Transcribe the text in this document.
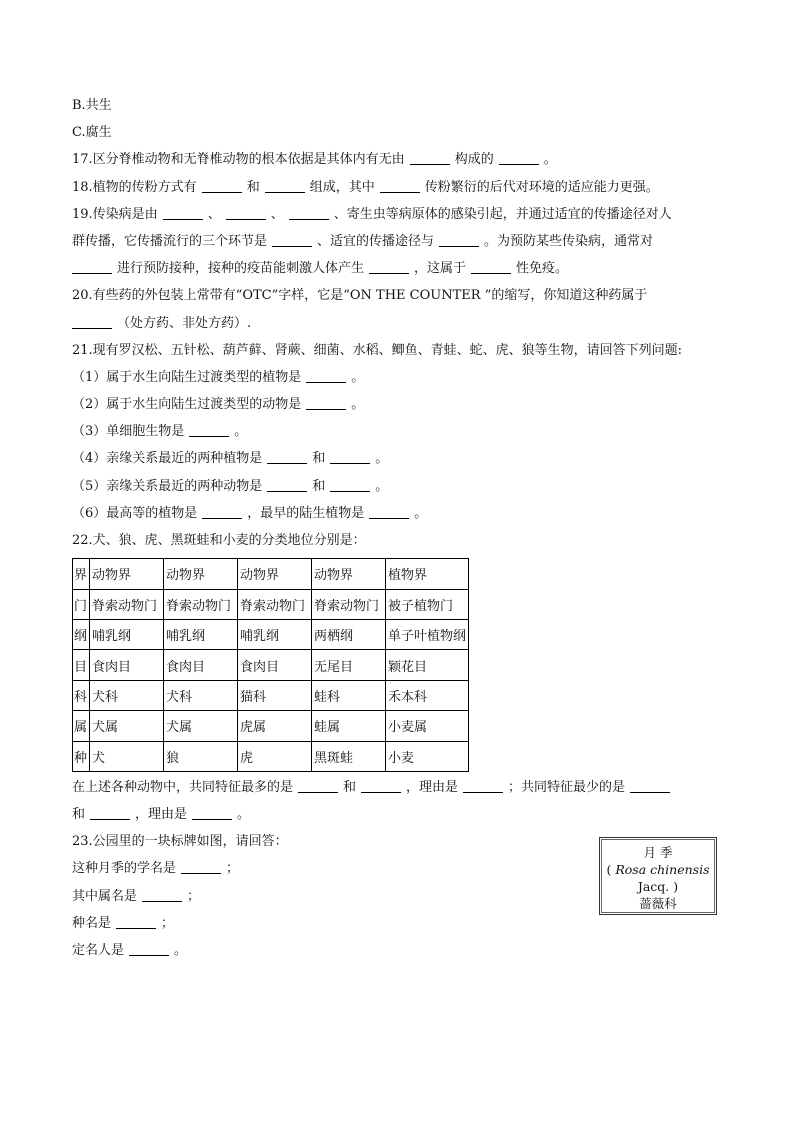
B.共生
C.腐生
17.区分脊椎动物和无脊椎动物的根本依据是其体内有无由	构成的	。
18.植物的传粉方式有	和	组成，其中	传粉繁衍的后代对环境的适应能力更强。
19.传染病是由	、	、	、寄生虫等病原体的感染引起，并通过适宜的传播途径对人
群传播，它传播流行的三个环节是	、适宜的传播途径与	。为预防某些传染病，通常对
进行预防接种，接种的疫苗能刺激人体产生	，这属于	性免疫。
20.有些药的外包装上常带有“OTC”字样，它是“ON THE COUNTER ”的缩写，你知道这种药属于
（处方药、非处方药）.
21.现有罗汉松、五针松、葫芦藓、肾蕨、细菌、水稻、鲫鱼、青蛙、蛇、虎、狼等生物，请回答下列问题:
（1）属于水生向陆生过渡类型的植物是	。
（2）属于水生向陆生过渡类型的动物是	。
（3）单细胞生物是	。
（4）亲缘关系最近的两种植物是	和	。
（5）亲缘关系最近的两种动物是	和	。
（6）最高等的植物是	，最早的陆生植物是	。
22.犬、狼、虎、黑斑蛙和小麦的分类地位分别是：
界	动物界	动物界	动物界	动物界	植物界
门	脊索动物门	脊索动物门	脊索动物门	脊索动物门	被子植物门
纲	哺乳纲	哺乳纲	哺乳纲	两栖纲	单子叶植物纲
目	食肉目	食肉目	食肉目	无尾目	颖花目
科	犬科	犬科	猫科	蛙科	禾本科
属	犬属	犬属	虎属	蛙属	小麦属
种	犬	狼	虎	黑斑蛙	小麦
在上述各种动物中，共同特征最多的是	和	，理由是	；共同特征最少的是
和	，理由是	。
23.公园里的一块标牌如图，请回答：
这种月季的学名是	；
其中属名是	；
种名是	；
定名人是	。
月 季
( Rosa chinensis
Jacq. )
蔷薇科
